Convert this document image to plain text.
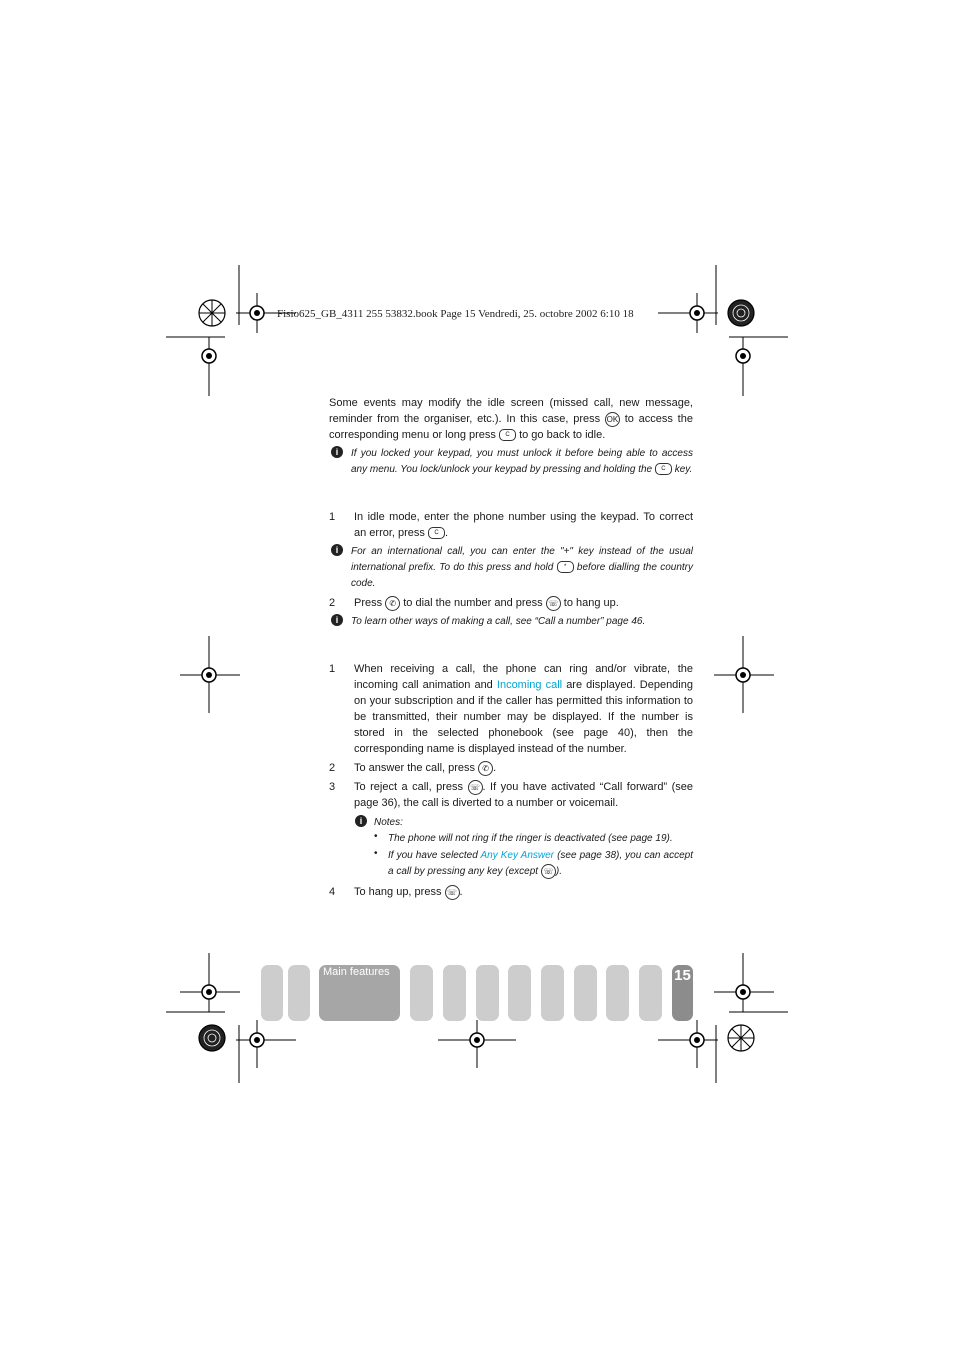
Fisio625_GB_4311 255 53832.book Page 15 Vendredi, 25. octobre 2002 6:10 18
Some events may modify the idle screen (missed call, new message, reminder from the organiser, etc.). In this case, press OK to access the corresponding menu or long press C to go back to idle.
i	If you locked your keypad, you must unlock it before being able to access any menu. You lock/unlock your keypad by pressing and holding the C key.
1	In idle mode, enter the phone number using the keypad. To correct an error, press C .
i	For an international call, you can enter the "+" key instead of the usual international prefix. To do this press and hold * before dialling the country code.
2	Press ✆ to dial the number and press ☏ to hang up.
i	To learn other ways of making a call, see “Call a number” page 46.
1	When receiving a call, the phone can ring and/or vibrate, the incoming call animation and Incoming call are displayed. Depending on your subscription and if the caller has permitted this information to be transmitted, their number may be displayed. If the number is stored in the selected phonebook (see page 40), then the corresponding name is displayed instead of the number.
2	To answer the call, press ✆ .
3	To reject a call, press ☏ . If you have activated “Call forward” (see page 36), the call is diverted to a number or voicemail.
i	Notes:
•	The phone will not ring if the ringer is deactivated (see page 19).
•	If you have selected Any Key Answer (see page 38), you can accept a call by pressing any key (except ☏ ).
4	To hang up, press ☏ .
Main features	15
